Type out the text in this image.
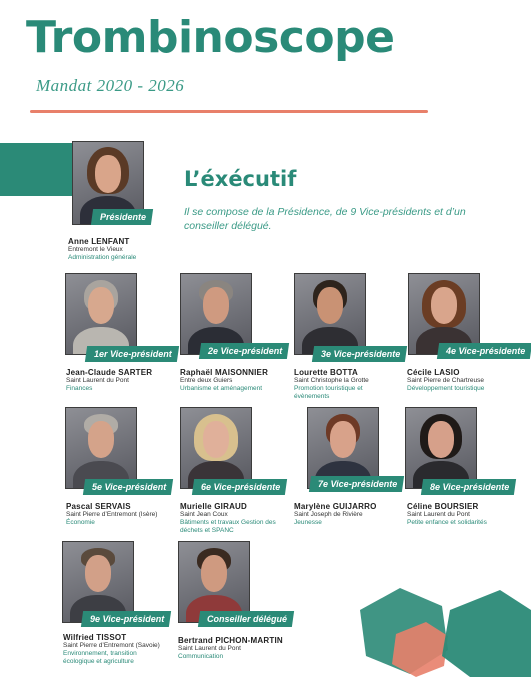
Trombinoscope
Mandat 2020 - 2026
L’éxécutif
Il se compose de la Présidence, de 9 Vice-présidents et d’un conseiller délégué.
Présidente
Anne LENFANT
Entremont le Vieux
Administration générale
1er Vice-président
Jean-Claude SARTER
Saint Laurent du Pont
Finances
2e Vice-président
Raphaël MAISONNIER
Entre deux Guiers
Urbanisme et aménagement
3e Vice-présidente
Lourette BOTTA
Saint Christophe la Grotte
Promotion touristique et évènements
4e Vice-présidente
Cécile LASIO
Saint Pierre de Chartreuse
Développement touristique
5e Vice-président
Pascal SERVAIS
Saint Pierre d’Entremont (Isère)
Économie
6e Vice-présidente
Murielle GIRAUD
Saint Jean Coux
Bâtiments et travaux Gestion des déchets et SPANC
7e Vice-présidente
Marylène GUIJARRO
Saint Joseph de Rivière
Jeunesse
8e Vice-présidente
Céline BOURSIER
Saint Laurent du Pont
Petite enfance et solidarités
9e Vice-président
Wilfried TISSOT
Saint Pierre d’Entremont (Savoie)
Environnement, transition écologique et agriculture
Conseiller délégué
Bertrand PICHON-MARTIN
Saint Laurent du Pont
Communication
